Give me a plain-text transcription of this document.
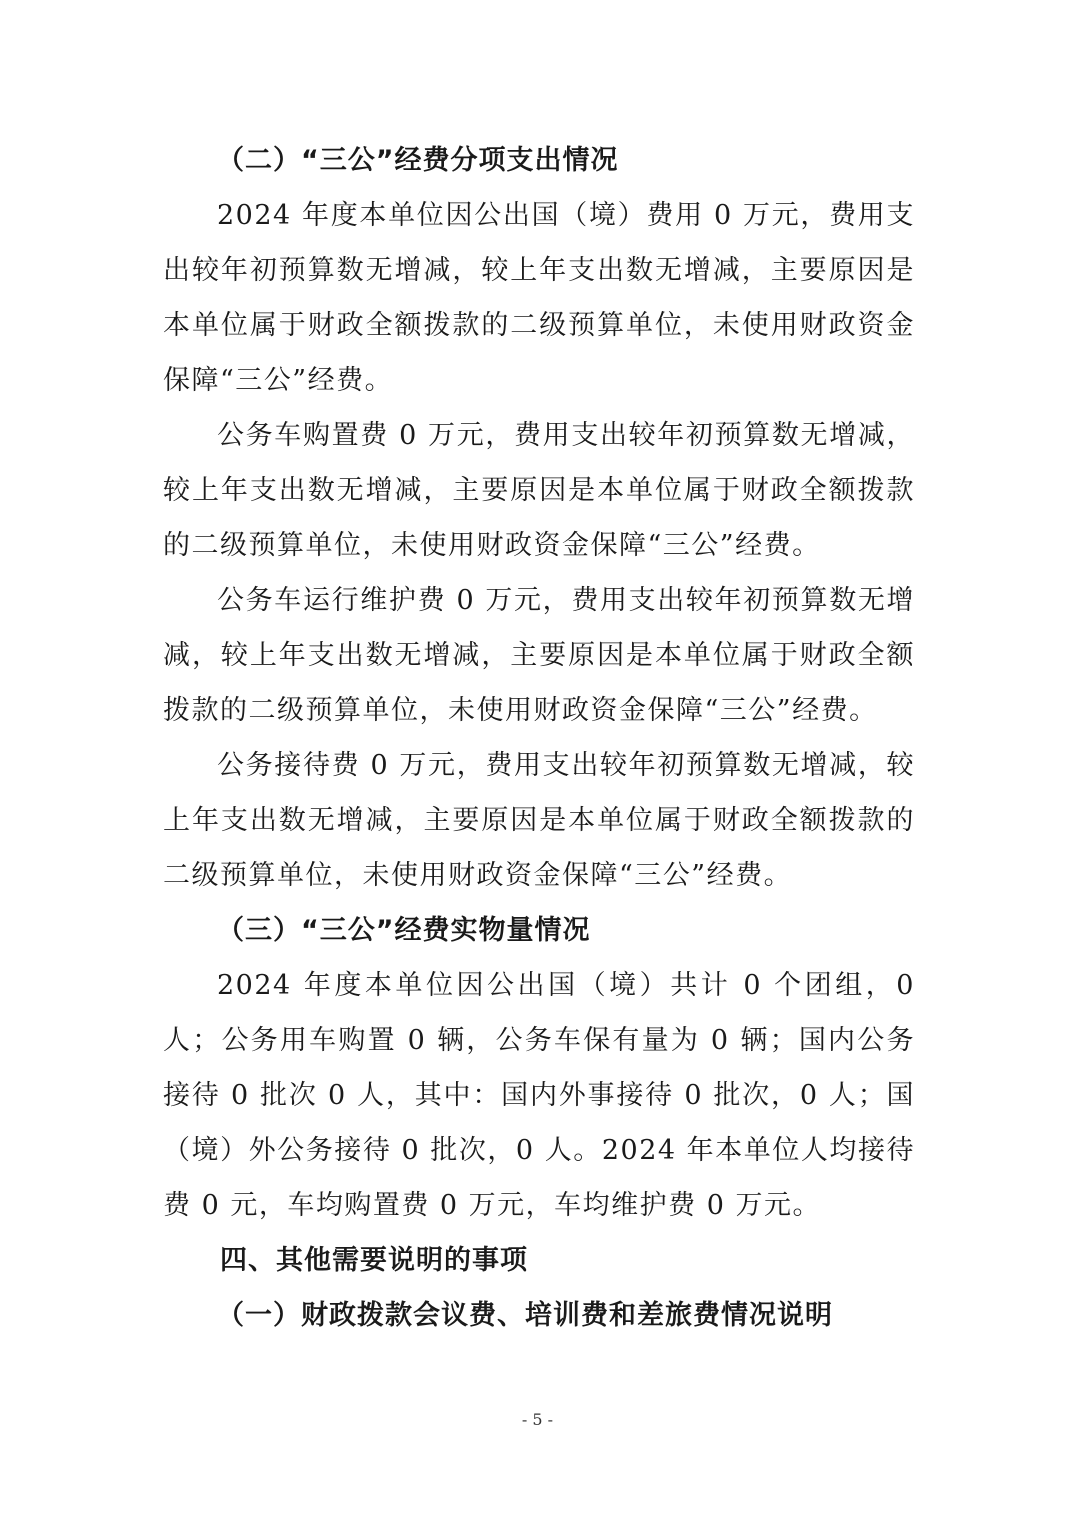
（二）“三公”经费分项支出情况

2024 年度本单位因公出国（境）费用 0 万元，费用支出较年初预算数无增减，较上年支出数无增减，主要原因是本单位属于财政全额拨款的二级预算单位，未使用财政资金保障“三公”经费。

公务车购置费 0 万元，费用支出较年初预算数无增减，较上年支出数无增减，主要原因是本单位属于财政全额拨款的二级预算单位，未使用财政资金保障“三公”经费。

公务车运行维护费 0 万元，费用支出较年初预算数无增减，较上年支出数无增减，主要原因是本单位属于财政全额拨款的二级预算单位，未使用财政资金保障“三公”经费。

公务接待费 0 万元，费用支出较年初预算数无增减，较上年支出数无增减，主要原因是本单位属于财政全额拨款的二级预算单位，未使用财政资金保障“三公”经费。

（三）“三公”经费实物量情况

2024 年度本单位因公出国（境）共计 0 个团组，0 人；公务用车购置 0 辆，公务车保有量为 0 辆；国内公务接待 0 批次 0 人，其中：国内外事接待 0 批次，0 人；国（境）外公务接待 0 批次，0 人。2024 年本单位人均接待费 0 元，车均购置费 0 万元，车均维护费 0 万元。

四、其他需要说明的事项
（一）财政拨款会议费、培训费和差旅费情况说明
- 5 -
